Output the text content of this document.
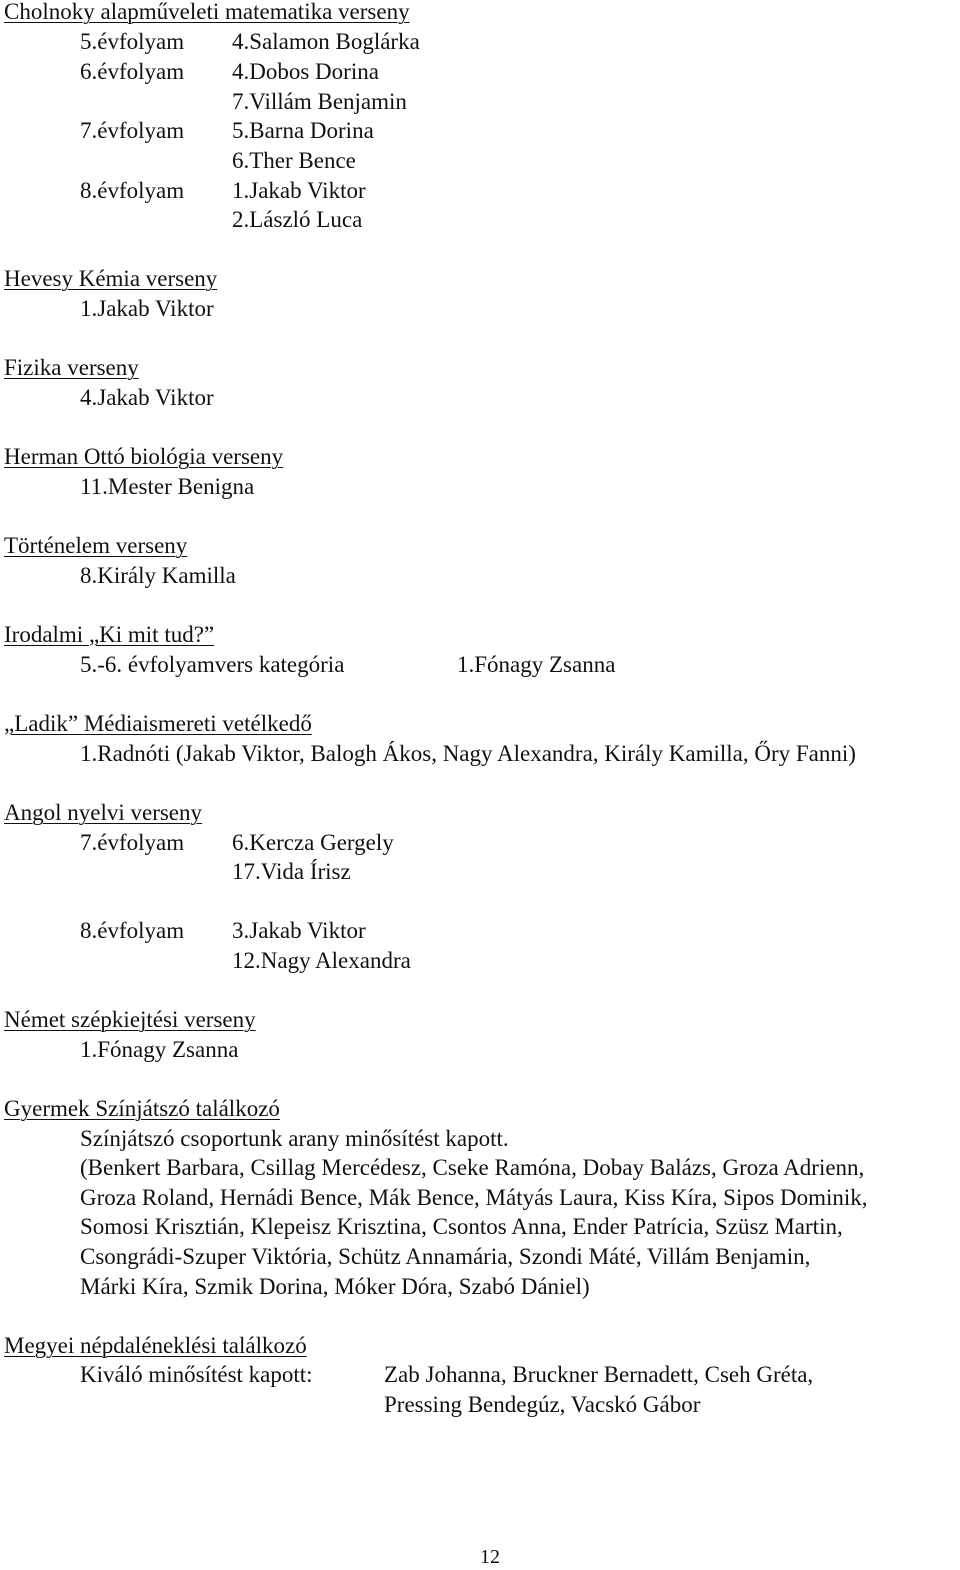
Cholnoky alapműveleti matematika verseny
5.évfolyam 4.Salamon Boglárka
6.évfolyam 4.Dobos Dorina
7.Villám Benjamin
7.évfolyam 5.Barna Dorina
6.Ther Bence
8.évfolyam 1.Jakab Viktor
2.László Luca
Hevesy Kémia verseny
1.Jakab Viktor
Fizika verseny
4.Jakab Viktor
Herman Ottó biológia verseny
11.Mester Benigna
Történelem verseny
8.Király Kamilla
Irodalmi „Ki mit tud?”
5.-6. évfolyamvers kategória	1.Fónagy Zsanna
„Ladik” Médiaismereti vetélkedő
1.Radnóti (Jakab Viktor, Balogh Ákos, Nagy Alexandra, Király Kamilla, Őry Fanni)
Angol nyelvi verseny
7.évfolyam 6.Kercza Gergely
17.Vida Írisz
8.évfolyam 3.Jakab Viktor
12.Nagy Alexandra
Német szépkiejtési verseny
1.Fónagy Zsanna
Gyermek Színjátszó találkozó
Színjátszó csoportunk arany minősítést kapott.
(Benkert Barbara, Csillag Mercédesz, Cseke Ramóna, Dobay Balázs, Groza Adrienn,
Groza Roland, Hernádi Bence, Mák Bence, Mátyás Laura, Kiss Kíra, Sipos Dominik,
Somosi Krisztián, Klepeisz Krisztina, Csontos Anna, Ender Patrícia, Szüsz Martin,
Csongrádi-Szuper Viktória, Schütz Annamária, Szondi Máté, Villám Benjamin,
Márki Kíra, Szmik Dorina, Móker Dóra, Szabó Dániel)
Megyei népdaléneklési találkozó
Kiváló minősítést kapott:	Zab Johanna, Bruckner Bernadett, Cseh Gréta,
Pressing Bendegúz, Vacskó Gábor
12
